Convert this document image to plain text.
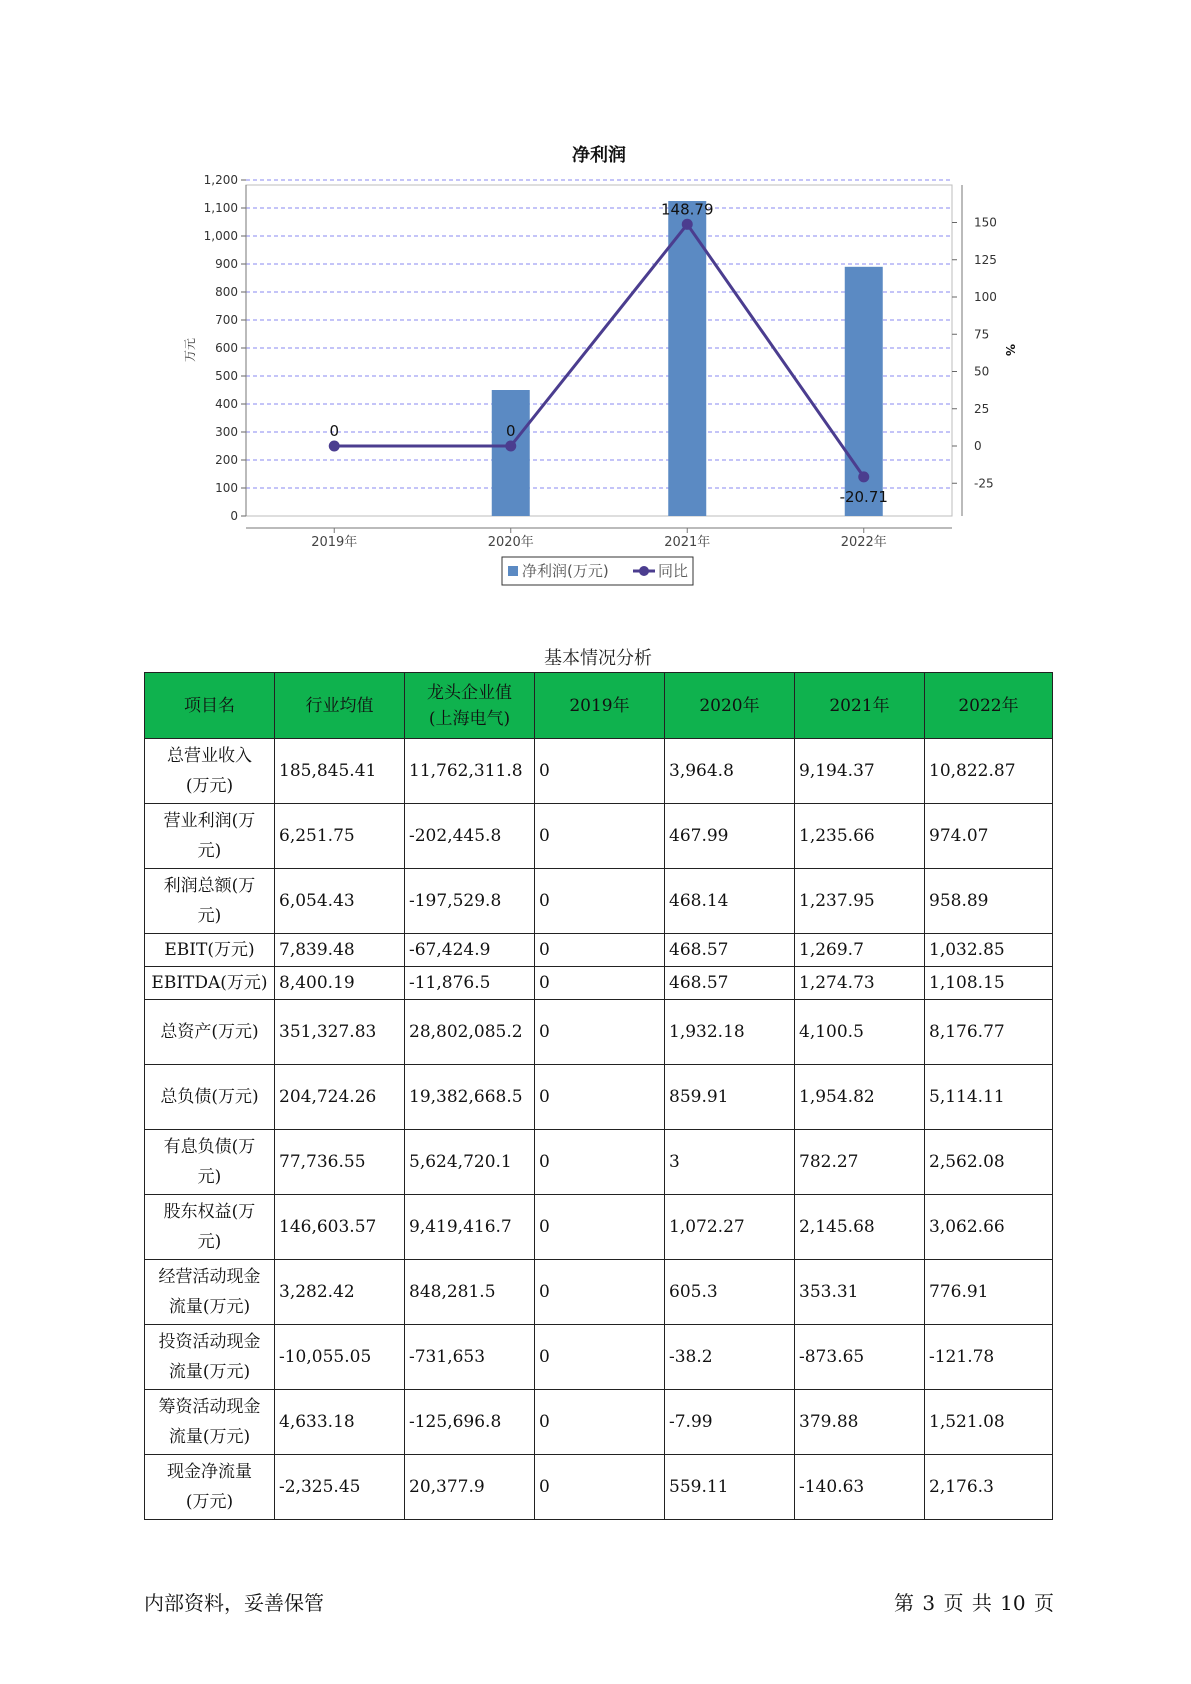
净利润
0
100
200
300
400
500
600
700
800
900
1,000
1,100
1,200
-25
0
25
50
75
100
125
150
万元	%
2019年	2020年	2021年	2022年
0	0
148.79
-20.71
净利润(万元)	同比
基本情况分析
项目名	行业均值	龙头企业值
(上海电气)	2019年	2020年	2021年	2022年
总营业收入
(万元)	185,845.41	11,762,311.8	0	3,964.8	9,194.37	10,822.87
营业利润(万
元)	6,251.75	-202,445.8	0	467.99	1,235.66	974.07
利润总额(万
元)	6,054.43	-197,529.8	0	468.14	1,237.95	958.89
EBIT(万元)	7,839.48	-67,424.9	0	468.57	1,269.7	1,032.85
EBITDA(万元)	8,400.19	-11,876.5	0	468.57	1,274.73	1,108.15
总资产(万元)	351,327.83	28,802,085.2	0	1,932.18	4,100.5	8,176.77
总负债(万元)	204,724.26	19,382,668.5	0	859.91	1,954.82	5,114.11
有息负债(万
元)	77,736.55	5,624,720.1	0	3	782.27	2,562.08
股东权益(万
元)	146,603.57	9,419,416.7	0	1,072.27	2,145.68	3,062.66
经营活动现金
流量(万元)	3,282.42	848,281.5	0	605.3	353.31	776.91
投资活动现金
流量(万元)	-10,055.05	-731,653	0	-38.2	-873.65	-121.78
筹资活动现金
流量(万元)	4,633.18	-125,696.8	0	-7.99	379.88	1,521.08
现金净流量
(万元)	-2,325.45	20,377.9	0	559.11	-140.63	2,176.3
内部资料，妥善保管	第 3 页 共 10 页
